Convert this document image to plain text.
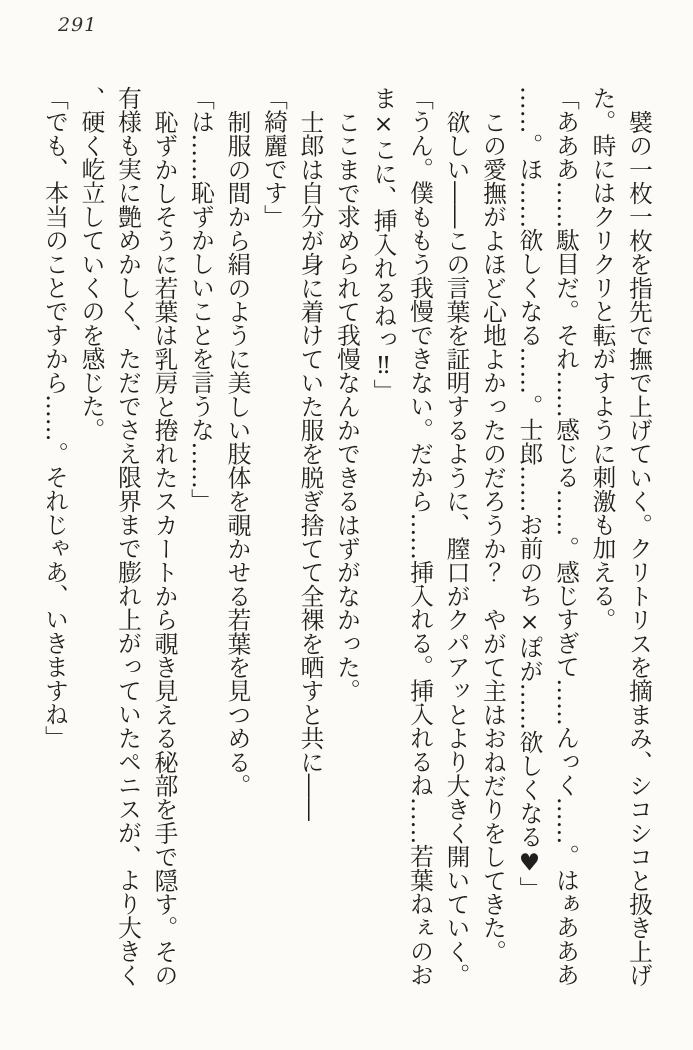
291

襞の一枚一枚を指先で撫で上げていく。クリトリスを摘まみ、シコシコと扱き上げた。時にはクリクリと転がすように刺激も加える。

「あああ……駄目だ。それ……感じる……。感じすぎて……んっく……。はぁあああ……。ほ……欲しくなる……。士郎……お前のち×ぽが……欲しくなる♥」

この愛撫がよほど心地よかったのだろうか？　やがて主はおねだりをしてきた。

欲しい――この言葉を証明するように、膣口がクパアッとより大きく開いていく。

「うん。僕ももう我慢できない。だから……挿入れる。挿入れるね……若葉ねぇのおま×こに、挿入れるねっ‼」

ここまで求められて我慢なんかできるはずがなかった。

士郎は自分が身に着けていた服を脱ぎ捨てて全裸を晒すと共に――

「綺麗です」

制服の間から絹のように美しい肢体を覗かせる若葉を見つめる。

「は……恥ずかしいことを言うな……」

恥ずかしそうに若葉は乳房と捲れたスカートから覗き見える秘部を手で隠す。その有様も実に艶めかしく、ただでさえ限界まで膨れ上がっていたペニスが、より大きく、硬く屹立していくのを感じた。

「でも、本当のことですから……。それじゃあ、いきますね」
